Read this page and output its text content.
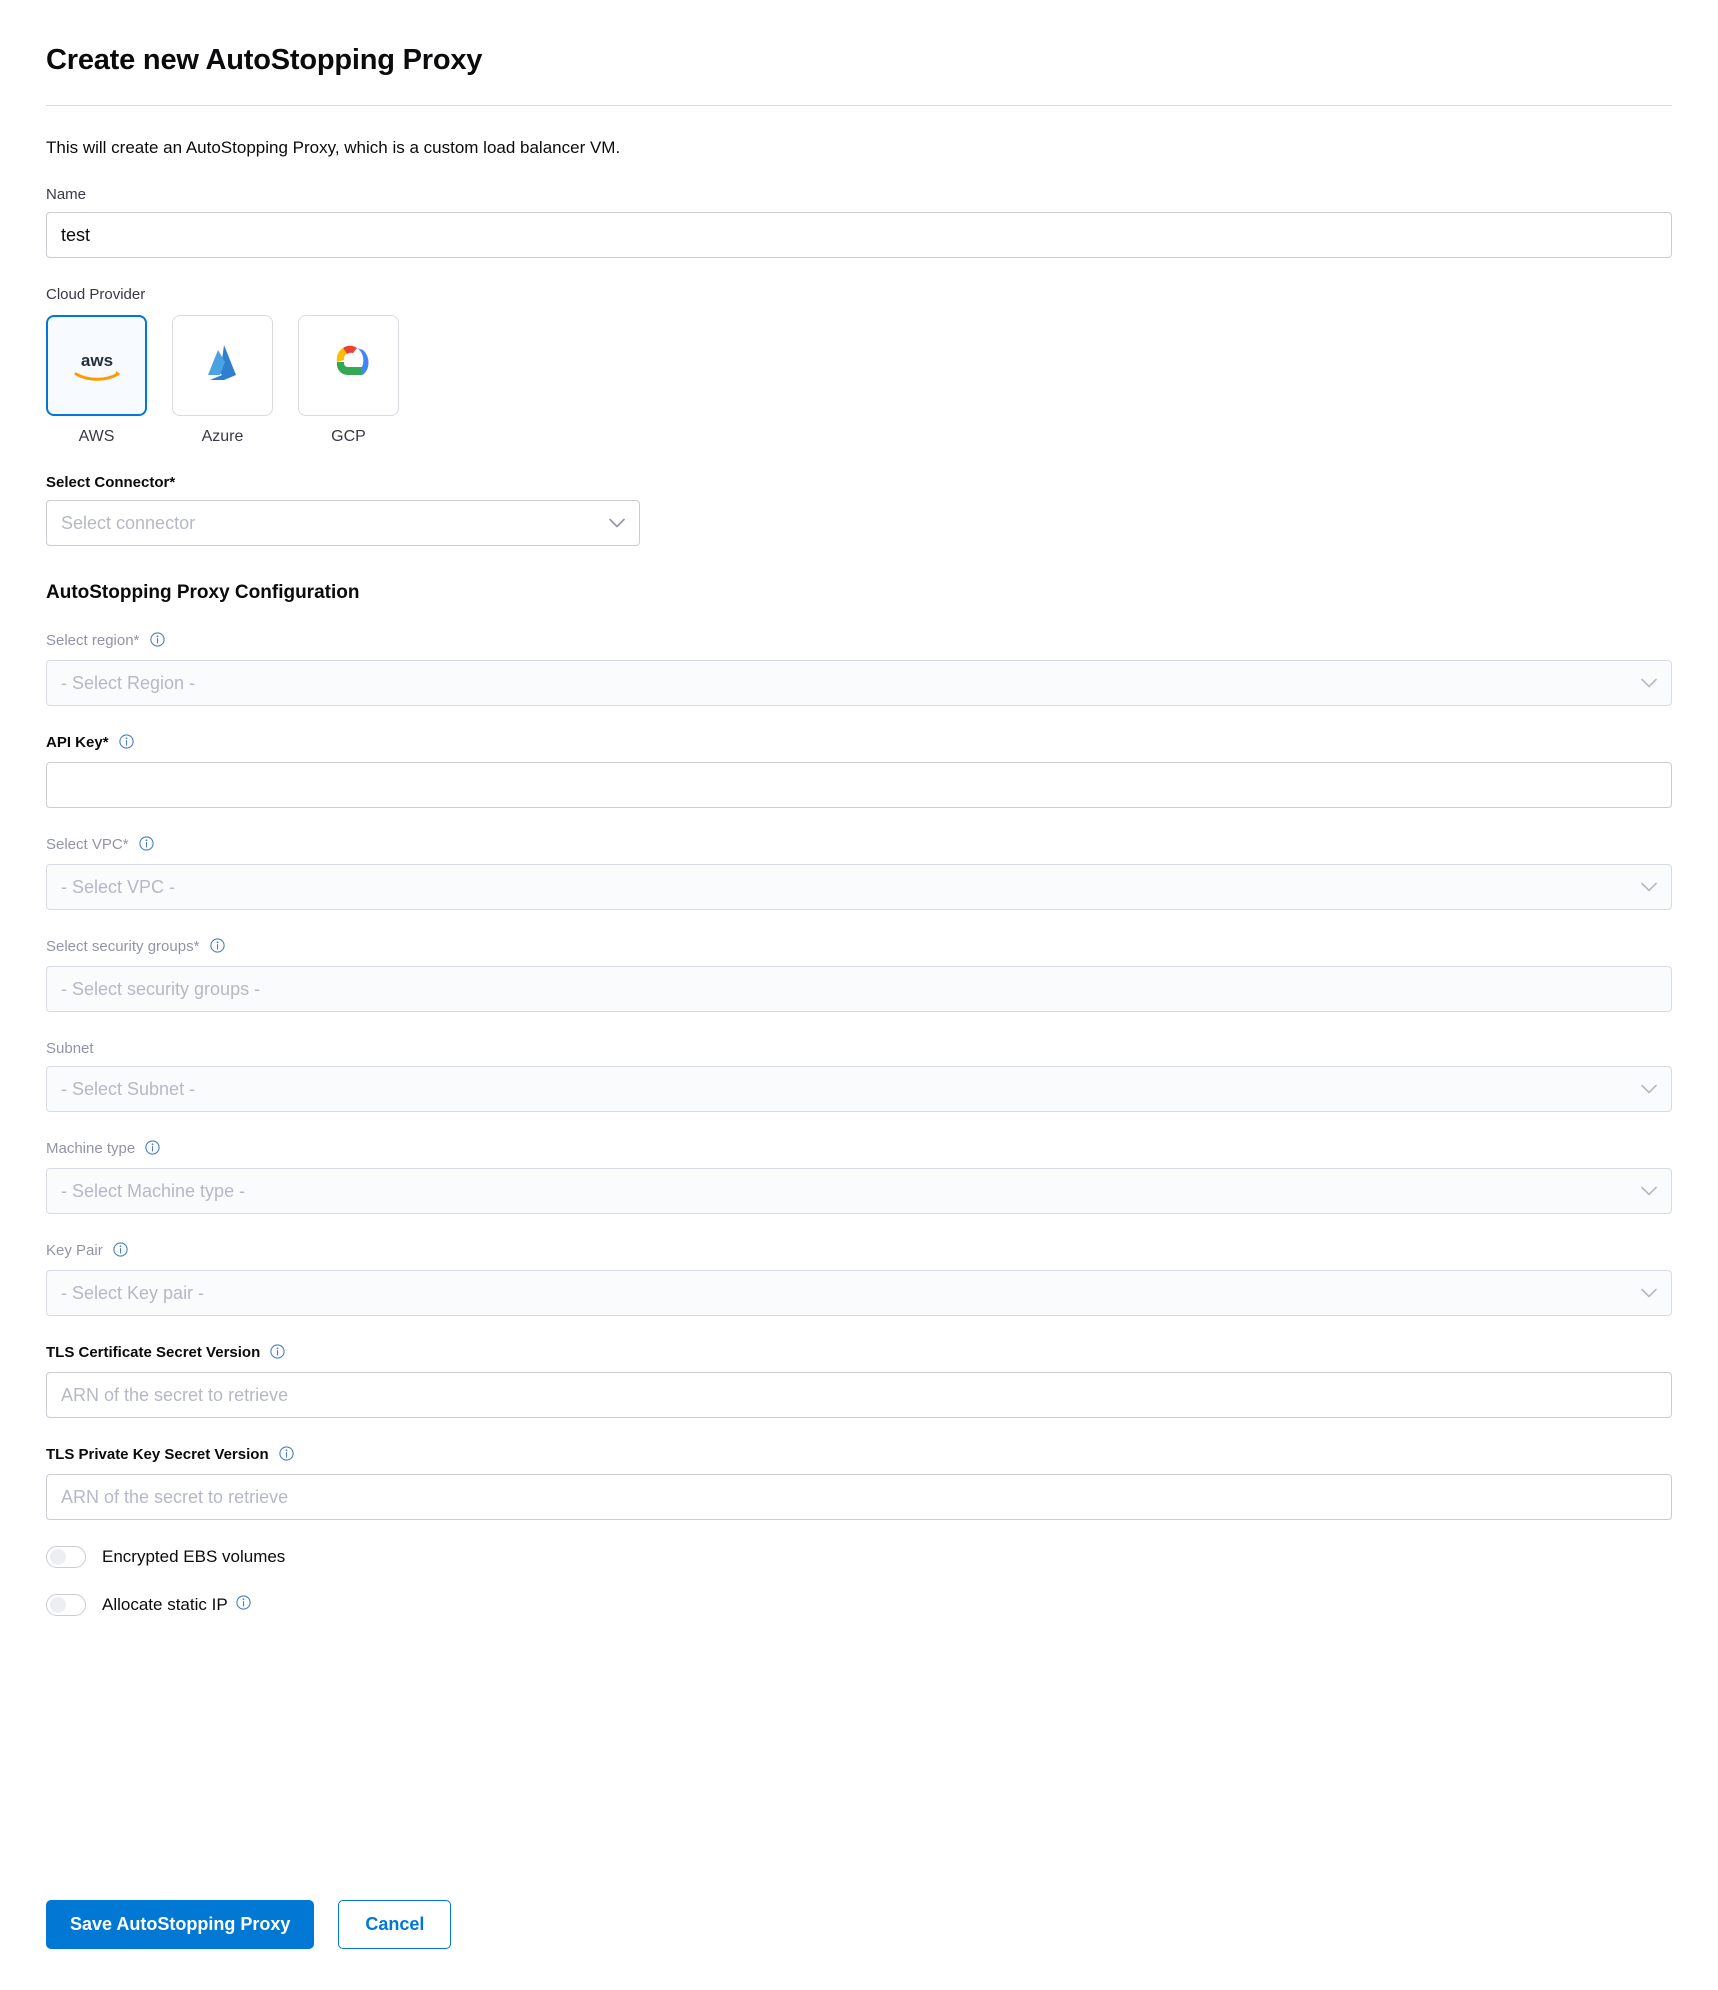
Create new AutoStopping Proxy
This will create an AutoStopping Proxy, which is a custom load balancer VM.
Name
test
Cloud Provider
aws
AWS	Azure	GCP
Select Connector*
Select connector
AutoStopping Proxy Configuration
Select region*
- Select Region -
API Key*
Select VPC*
- Select VPC -
Select security groups*
- Select security groups -
Subnet
- Select Subnet -
Machine type
- Select Machine type -
Key Pair
- Select Key pair -
TLS Certificate Secret Version
ARN of the secret to retrieve
TLS Private Key Secret Version
ARN of the secret to retrieve
Encrypted EBS volumes
Allocate static IP
Save AutoStopping Proxy	Cancel
